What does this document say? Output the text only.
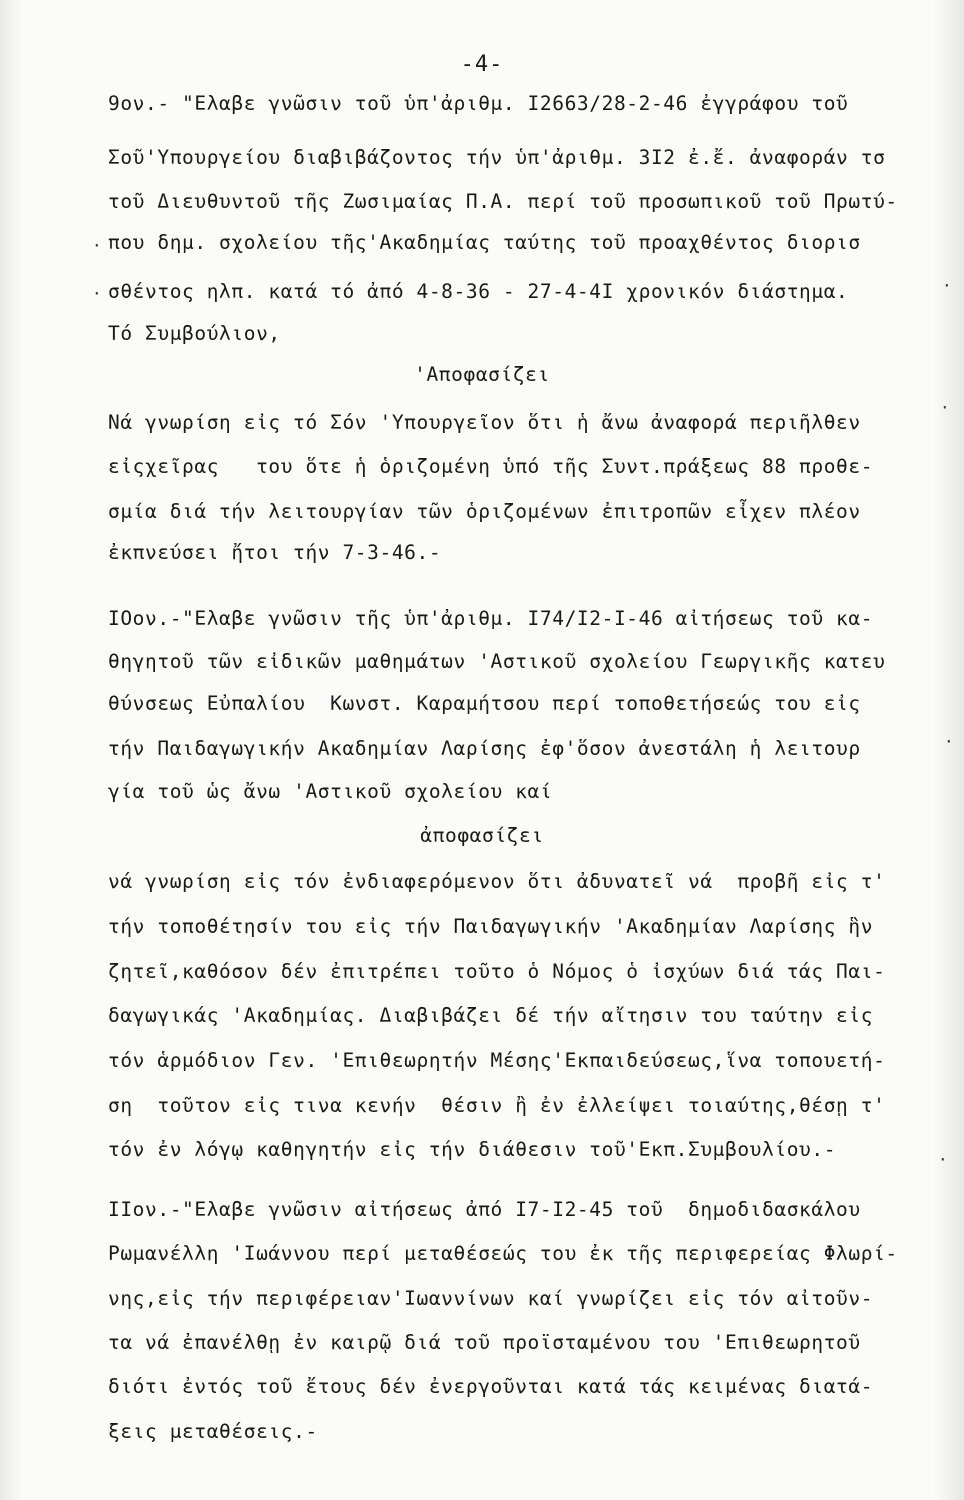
-4-
9ον.- "Ελαβε γνῶσιν τοῦ ὑπ'ἀριθμ. I2663/28-2-46 ἐγγράφου τοῦ
Σοῦ'Υπουργείου διαβιβάζοντος τήν ὑπ'ἀριθμ. 3I2 ἐ.ἔ. ἀναφοράν τσ
τοῦ Διευθυντοῦ τῆς Ζωσιμαίας Π.Α. περί τοῦ προσωπικοῦ τοῦ Πρωτύ-
που δημ. σχολείου τῆς'Ακαδημίας ταύτης τοῦ προαχθέντος διορισ
σθέντος ηλπ. κατά τό ἀπό 4-8-36 - 27-4-4I χρονικόν διάστημα.
Τό Συμβούλιον,
'Αποφασίζει
Νά γνωρίση εἰς τό Σόν 'Υπουργεῖον ὅτι ἡ ἄνω ἀναφορά περιῆλθεν
εἰςχεῖρας   του ὅτε ἡ ὁριζομένη ὑπό τῆς Συντ.πράξεως 88 προθε-
σμία διά τήν λειτουργίαν τῶν ὁριζομένων ἐπιτροπῶν εἶχεν πλέον
ἐκπνεύσει ἤτοι τήν 7-3-46.-
IΟον.-"Ελαβε γνῶσιν τῆς ὑπ'ἀριθμ. I74/I2-I-46 αἰτήσεως τοῦ κα-
θηγητοῦ τῶν εἰδικῶν μαθημάτων 'Αστικοῦ σχολείου Γεωργικῆς κατευ
θύνσεως Εὐπαλίου  Κωνστ. Καραμήτσου περί τοποθετήσεώς του εἰς
τήν Παιδαγωγικήν Ακαδημίαν Λαρίσης ἐφ'ὅσον ἀνεστάλη ἡ λειτουρ
γία τοῦ ὡς ἄνω 'Αστικοῦ σχολείου καί
ἀποφασίζει
νά γνωρίση εἰς τόν ἐνδιαφερόμενον ὅτι ἀδυνατεῖ νά  προβῆ εἰς τ'
τήν τοποθέτησίν του εἰς τήν Παιδαγωγικήν 'Ακαδημίαν Λαρίσης ἣν
ζητεῖ,καθόσον δέν ἐπιτρέπει τοῦτο ὁ Νόμος ὁ ἰσχύων διά τάς Παι-
δαγωγικάς 'Ακαδημίας. Διαβιβάζει δέ τήν αἴτησιν του ταύτην εἰς
τόν ἁρμόδιον Γεν. 'Επιθεωρητήν Μέσης'Εκπαιδεύσεως,ἵνα τοπουετή-
ση  τοῦτον εἰς τινα κενήν  θέσιν ἢ ἐν ἐλλείψει τοιαύτης,θέσῃ τ'
τόν ἐν λόγῳ καθηγητήν εἰς τήν διάθεσιν τοῦ'Εκπ.Συμβουλίου.-
IIον.-"Ελαβε γνῶσιν αἰτήσεως ἀπό I7-I2-45 τοῦ  δημοδιδασκάλου
Ρωμανέλλη 'Ιωάννου περί μεταθέσεώς του ἐκ τῆς περιφερείας Φλωρί-
νης,εἰς τήν περιφέρειαν'Ιωαννίνων καί γνωρίζει εἰς τόν αἰτοῦν-
τα νά ἐπανέλθῃ ἐν καιρῷ διά τοῦ προϊσταμένου του 'Επιθεωρητοῦ
διότι ἐντός τοῦ ἔτους δέν ἐνεργοῦνται κατά τάς κειμένας διατά-
ξεις μεταθέσεις.-
·
·	·
·
·
·
